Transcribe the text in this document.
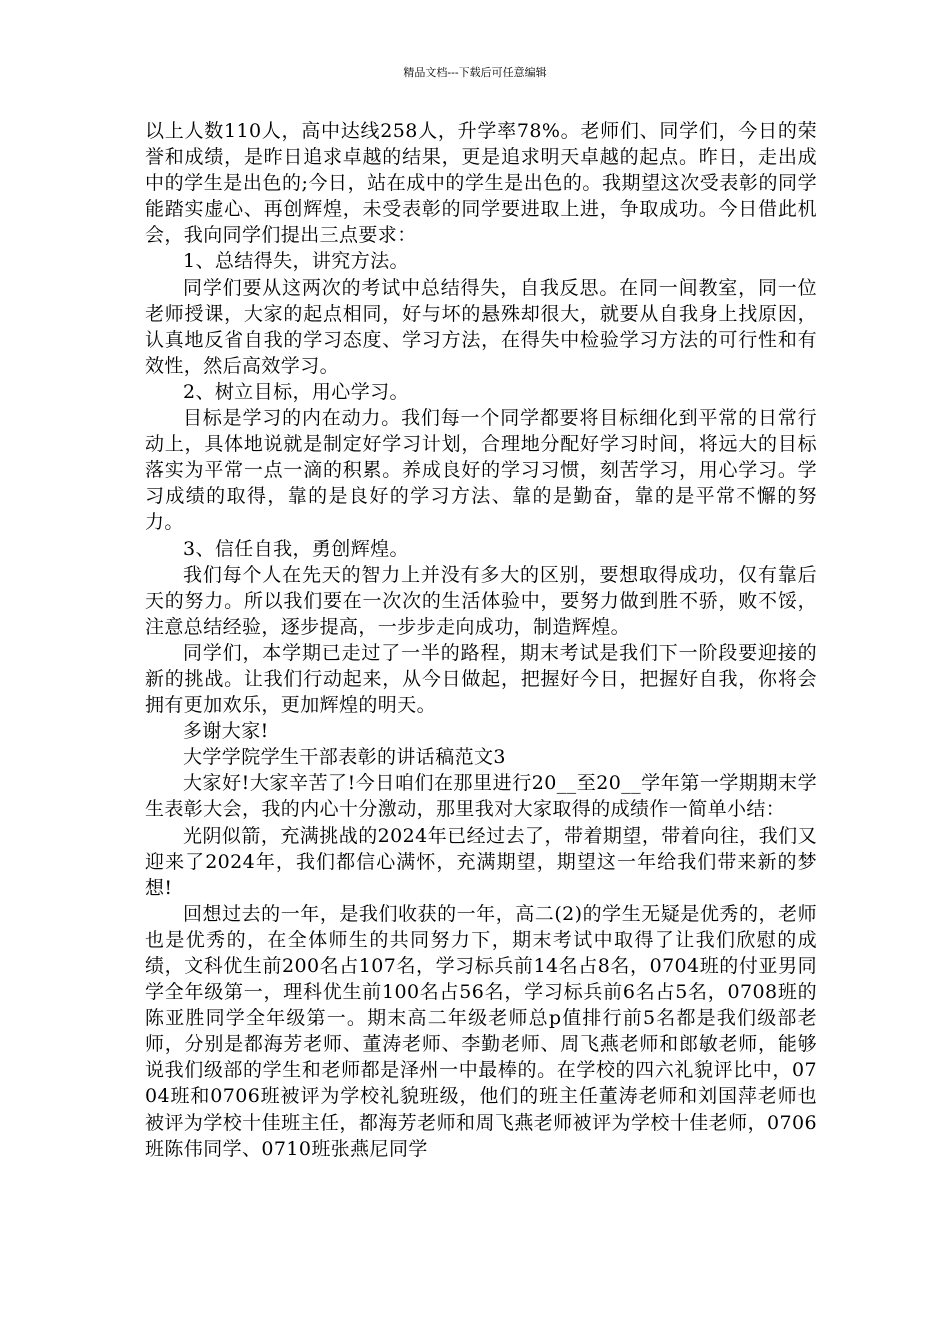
精品文档---下载后可任意编辑

以上人数110人，高中达线258人，升学率78%。老师们、同学们，今日的荣誉和成绩，是昨日追求卓越的结果，更是追求明天卓越的起点。昨日，走出成中的学生是出色的;今日，站在成中的学生是出色的。我期望这次受表彰的同学能踏实虚心、再创辉煌，未受表彰的同学要进取上进，争取成功。今日借此机会，我向同学们提出三点要求：

1、总结得失，讲究方法。

同学们要从这两次的考试中总结得失，自我反思。在同一间教室，同一位老师授课，大家的起点相同，好与坏的悬殊却很大，就要从自我身上找原因，认真地反省自我的学习态度、学习方法，在得失中检验学习方法的可行性和有效性，然后高效学习。

2、树立目标，用心学习。

目标是学习的内在动力。我们每一个同学都要将目标细化到平常的日常行动上，具体地说就是制定好学习计划，合理地分配好学习时间，将远大的目标落实为平常一点一滴的积累。养成良好的学习习惯，刻苦学习，用心学习。学习成绩的取得，靠的是良好的学习方法、靠的是勤奋，靠的是平常不懈的努力。

3、信任自我，勇创辉煌。

我们每个人在先天的智力上并没有多大的区别，要想取得成功，仅有靠后天的努力。所以我们要在一次次的生活体验中，要努力做到胜不骄，败不馁，注意总结经验，逐步提高，一步步走向成功，制造辉煌。

同学们，本学期已走过了一半的路程，期末考试是我们下一阶段要迎接的新的挑战。让我们行动起来，从今日做起，把握好今日，把握好自我，你将会拥有更加欢乐，更加辉煌的明天。

多谢大家!

大学学院学生干部表彰的讲话稿范文3

大家好!大家辛苦了!今日咱们在那里进行20__至20__学年第一学期期末学生表彰大会，我的内心十分激动，那里我对大家取得的成绩作一简单小结：

光阴似箭，充满挑战的2024年已经过去了，带着期望，带着向往，我们又迎来了2024年，我们都信心满怀，充满期望，期望这一年给我们带来新的梦想!

回想过去的一年，是我们收获的一年，高二(2)的学生无疑是优秀的，老师也是优秀的，在全体师生的共同努力下，期末考试中取得了让我们欣慰的成绩，文科优生前200名占107名，学习标兵前14名占8名，0704班的付亚男同学全年级第一，理科优生前100名占56名，学习标兵前6名占5名，0708班的陈亚胜同学全年级第一。期末高二年级老师总p值排行前5名都是我们级部老师，分别是都海芳老师、董涛老师、李勤老师、周飞燕老师和郎敏老师，能够说我们级部的学生和老师都是泽州一中最棒的。在学校的四六礼貌评比中，0704班和0706班被评为学校礼貌班级，他们的班主任董涛老师和刘国萍老师也被评为学校十佳班主任，都海芳老师和周飞燕老师被评为学校十佳老师，0706班陈伟同学、0710班张燕尼同学
